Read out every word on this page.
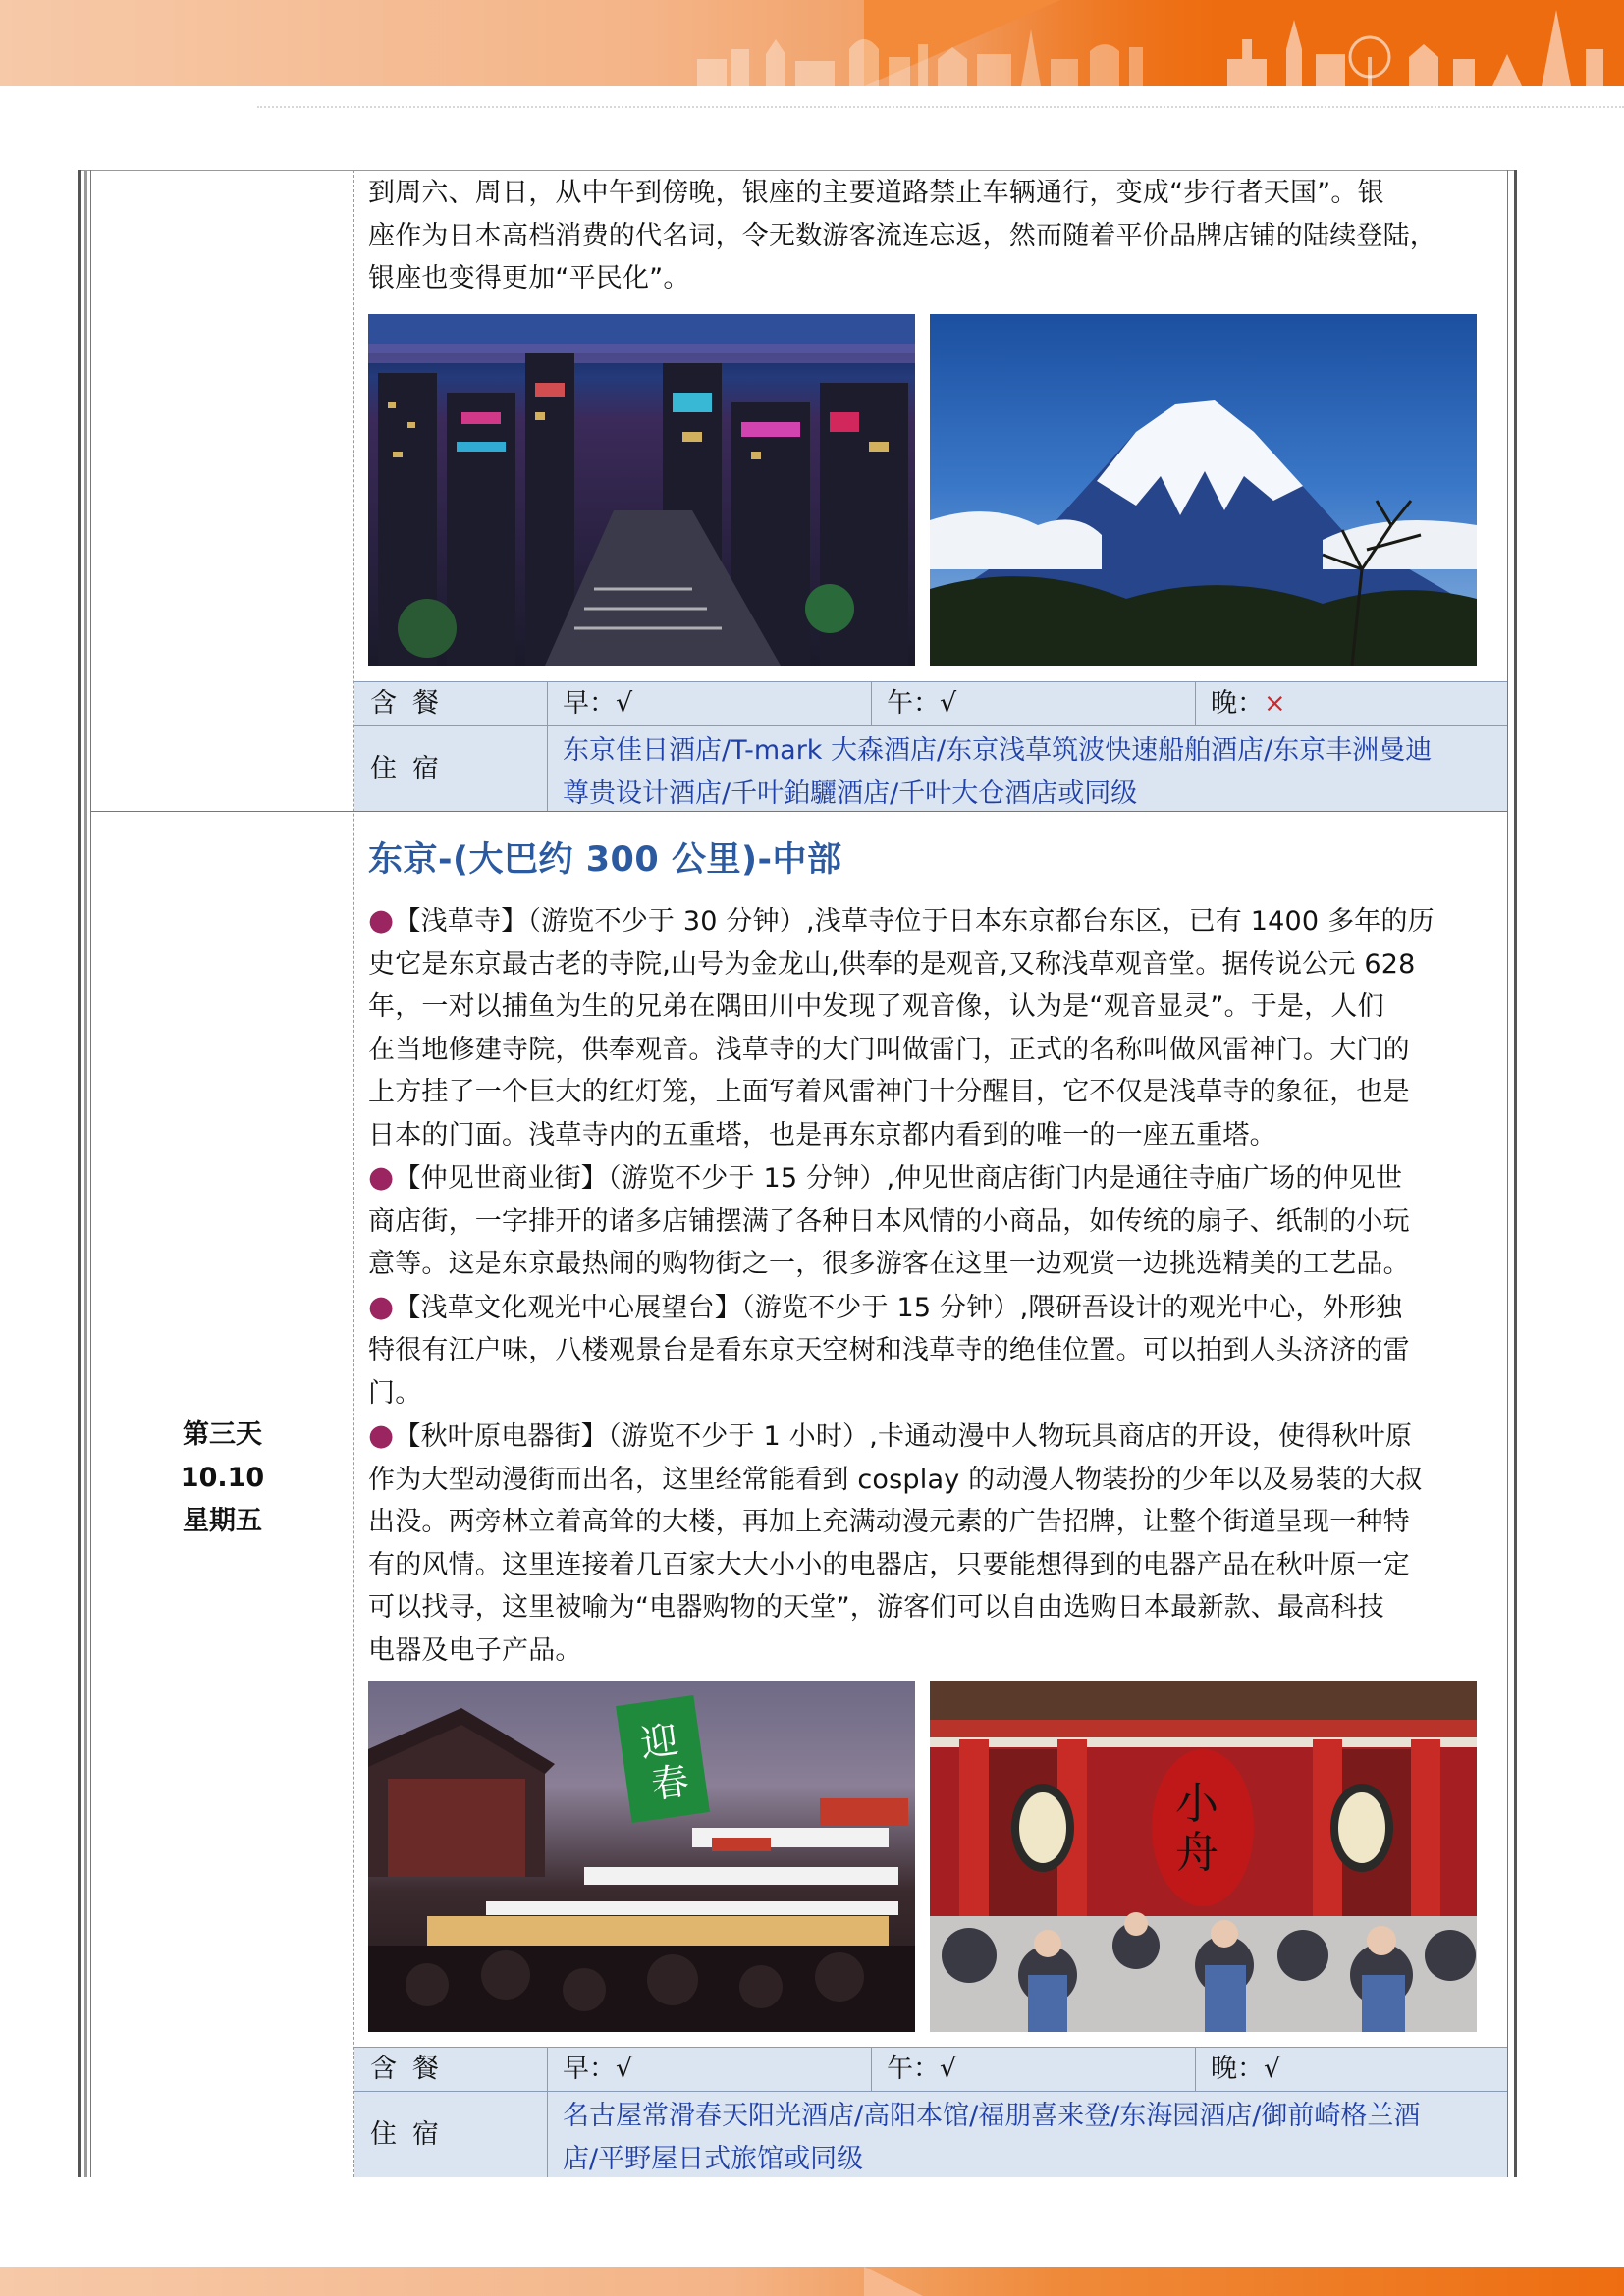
到周六、周日，从中午到傍晚，银座的主要道路禁止车辆通行，变成“步行者天国”。银

座作为日本高档消费的代名词，令无数游客流连忘返，然而随着平价品牌店铺的陆续登陆，

银座也变得更加“平民化”。

含餐	早：√	午：√	晚：×
住宿
东京佳日酒店/T-mark 大森酒店/东京浅草筑波快速船舶酒店/东京丰洲曼迪
尊贵设计酒店/千叶鉑驪酒店/千叶大仓酒店或同级
东京-(大巴约 300 公里)-中部
第三天
10.10
星期五

●【浅草寺】（游览不少于 30 分钟）,浅草寺位于日本东京都台东区，已有 1400 多年的历

史它是东京最古老的寺院,山号为金龙山,供奉的是观音,又称浅草观音堂。据传说公元 628

年，一对以捕鱼为生的兄弟在隅田川中发现了观音像，认为是“观音显灵”。于是，人们

在当地修建寺院，供奉观音。浅草寺的大门叫做雷门，正式的名称叫做风雷神门。大门的

上方挂了一个巨大的红灯笼，上面写着风雷神门十分醒目，它不仅是浅草寺的象征，也是

日本的门面。浅草寺内的五重塔，也是再东京都内看到的唯一的一座五重塔。

●【仲见世商业街】（游览不少于 15 分钟）,仲见世商店街门内是通往寺庙广场的仲见世

商店街，一字排开的诸多店铺摆满了各种日本风情的小商品，如传统的扇子、纸制的小玩

意等。这是东京最热闹的购物街之一，很多游客在这里一边观赏一边挑选精美的工艺品。

●【浅草文化观光中心展望台】（游览不少于 15 分钟）,隈研吾设计的观光中心，外形独

特很有江户味，八楼观景台是看东京天空树和浅草寺的绝佳位置。可以拍到人头济济的雷

门。

●【秋叶原电器街】（游览不少于 1 小时）,卡通动漫中人物玩具商店的开设，使得秋叶原

作为大型动漫街而出名，这里经常能看到 cosplay 的动漫人物装扮的少年以及易装的大叔

出没。两旁林立着高耸的大楼，再加上充满动漫元素的广告招牌，让整个街道呈现一种特

有的风情。这里连接着几百家大大小小的电器店，只要能想得到的电器产品在秋叶原一定

可以找寻，这里被喻为“电器购物的天堂”，游客们可以自由选购日本最新款、最高科技

电器及电子产品。

迎
春	小
舟
含餐	早：√	午：√	晚：√
住宿
名古屋常滑春天阳光酒店/高阳本馆/福朋喜来登/东海园酒店/御前崎格兰酒
店/平野屋日式旅馆或同级
